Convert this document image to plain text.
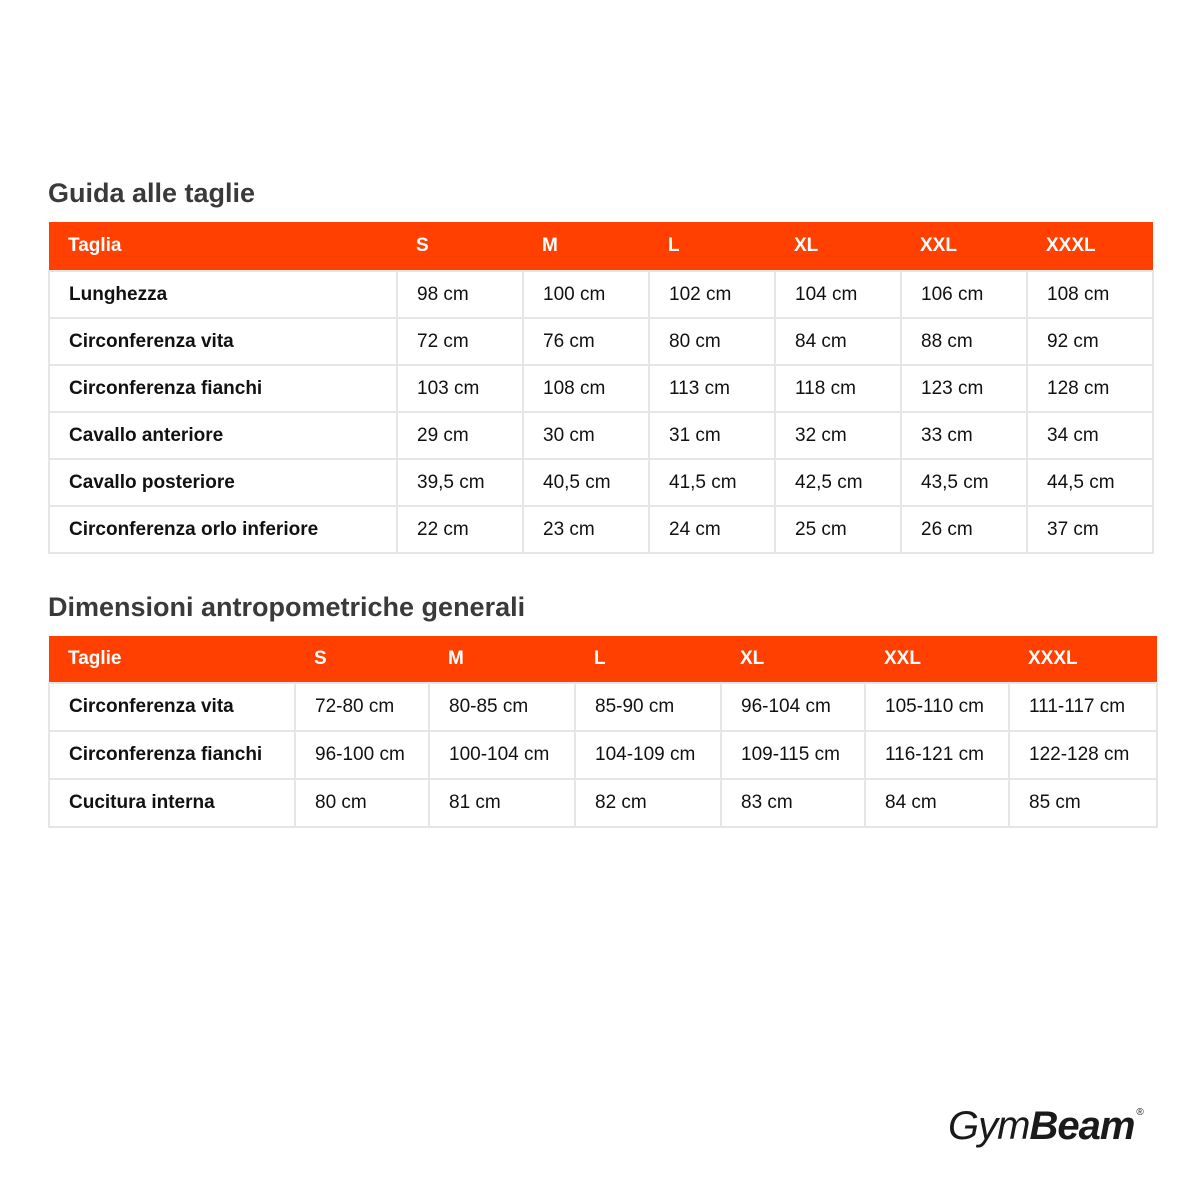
Guida alle taglie
Taglia	S	M	L	XL	XXL	XXXL
Lunghezza	98 cm	100 cm	102 cm	104 cm	106 cm	108 cm
Circonferenza vita	72 cm	76 cm	80 cm	84 cm	88 cm	92 cm
Circonferenza fianchi	103 cm	108 cm	113 cm	118 cm	123 cm	128 cm
Cavallo anteriore	29 cm	30 cm	31 cm	32 cm	33 cm	34 cm
Cavallo posteriore	39,5 cm	40,5 cm	41,5 cm	42,5 cm	43,5 cm	44,5 cm
Circonferenza orlo inferiore	22 cm	23 cm	24 cm	25 cm	26 cm	37 cm
Dimensioni antropometriche generali
Taglie	S	M	L	XL	XXL	XXXL
Circonferenza vita	72-80 cm	80-85 cm	85-90 cm	96-104 cm	105-110 cm	111-117 cm
Circonferenza fianchi	96-100 cm	100-104 cm	104-109 cm	109-115 cm	116-121 cm	122-128 cm
Cucitura interna	80 cm	81 cm	82 cm	83 cm	84 cm	85 cm
GymBeam ®
